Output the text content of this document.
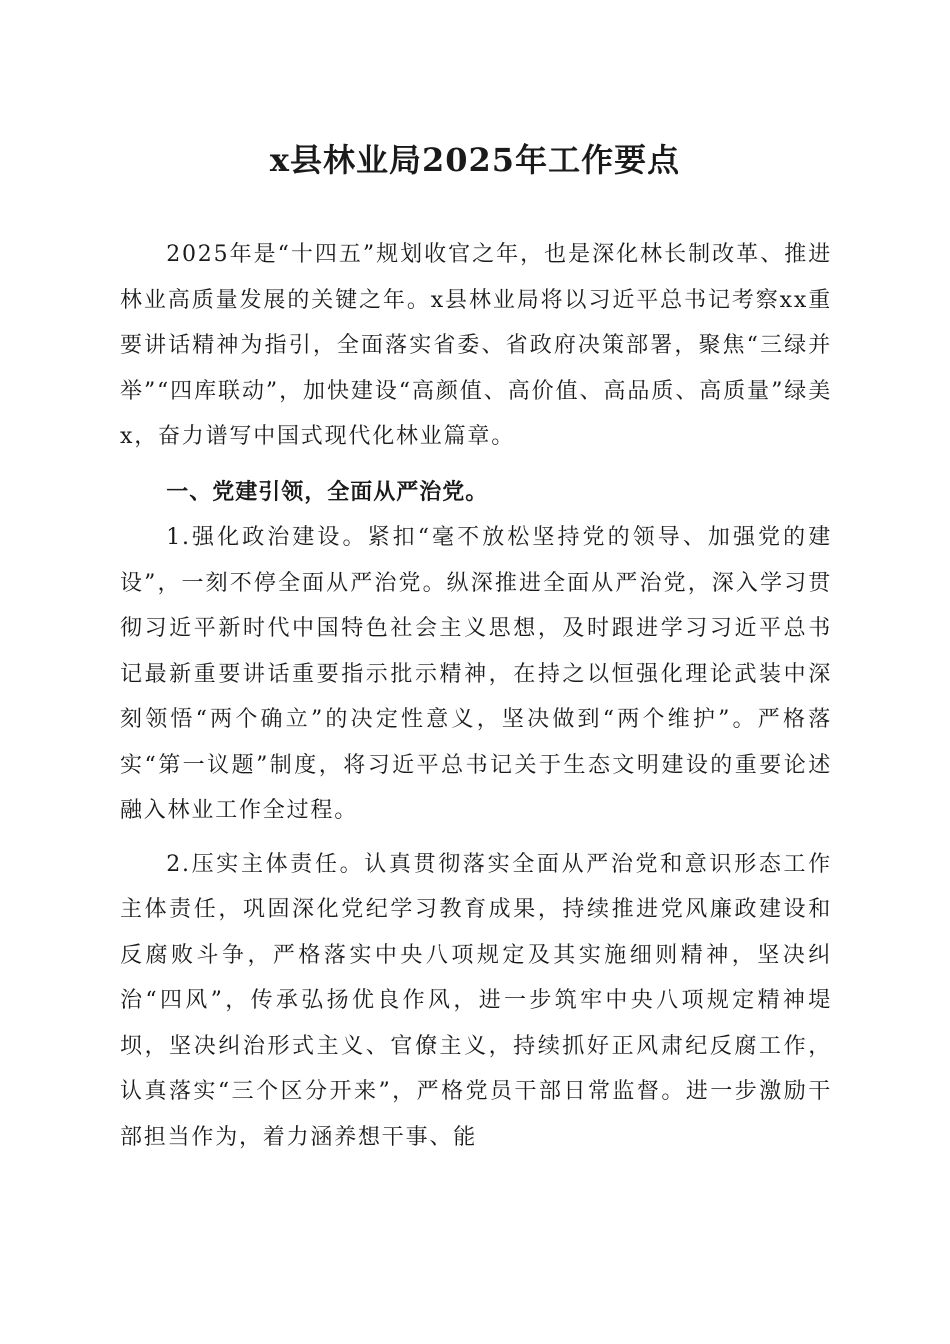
x县林业局2025年工作要点

2025年是“十四五”规划收官之年，也是深化林长制改革、推进林业高质量发展的关键之年。x县林业局将以习近平总书记考察xx重要讲话精神为指引，全面落实省委、省政府决策部署，聚焦“三绿并举”“四库联动”，加快建设“高颜值、高价值、高品质、高质量”绿美x，奋力谱写中国式现代化林业篇章。

一、党建引领，全面从严治党。

1.强化政治建设。紧扣“毫不放松坚持党的领导、加强党的建设”，一刻不停全面从严治党。纵深推进全面从严治党，深入学习贯彻习近平新时代中国特色社会主义思想，及时跟进学习习近平总书记最新重要讲话重要指示批示精神，在持之以恒强化理论武装中深刻领悟“两个确立”的决定性意义，坚决做到“两个维护”。严格落实“第一议题”制度，将习近平总书记关于生态文明建设的重要论述融入林业工作全过程。

2.压实主体责任。认真贯彻落实全面从严治党和意识形态工作主体责任，巩固深化党纪学习教育成果，持续推进党风廉政建设和反腐败斗争，严格落实中央八项规定及其实施细则精神，坚决纠治“四风”，传承弘扬优良作风，进一步筑牢中央八项规定精神堤坝，坚决纠治形式主义、官僚主义，持续抓好正风肃纪反腐工作，认真落实“三个区分开来”，严格党员干部日常监督。进一步激励干部担当作为，着力涵养想干事、能
